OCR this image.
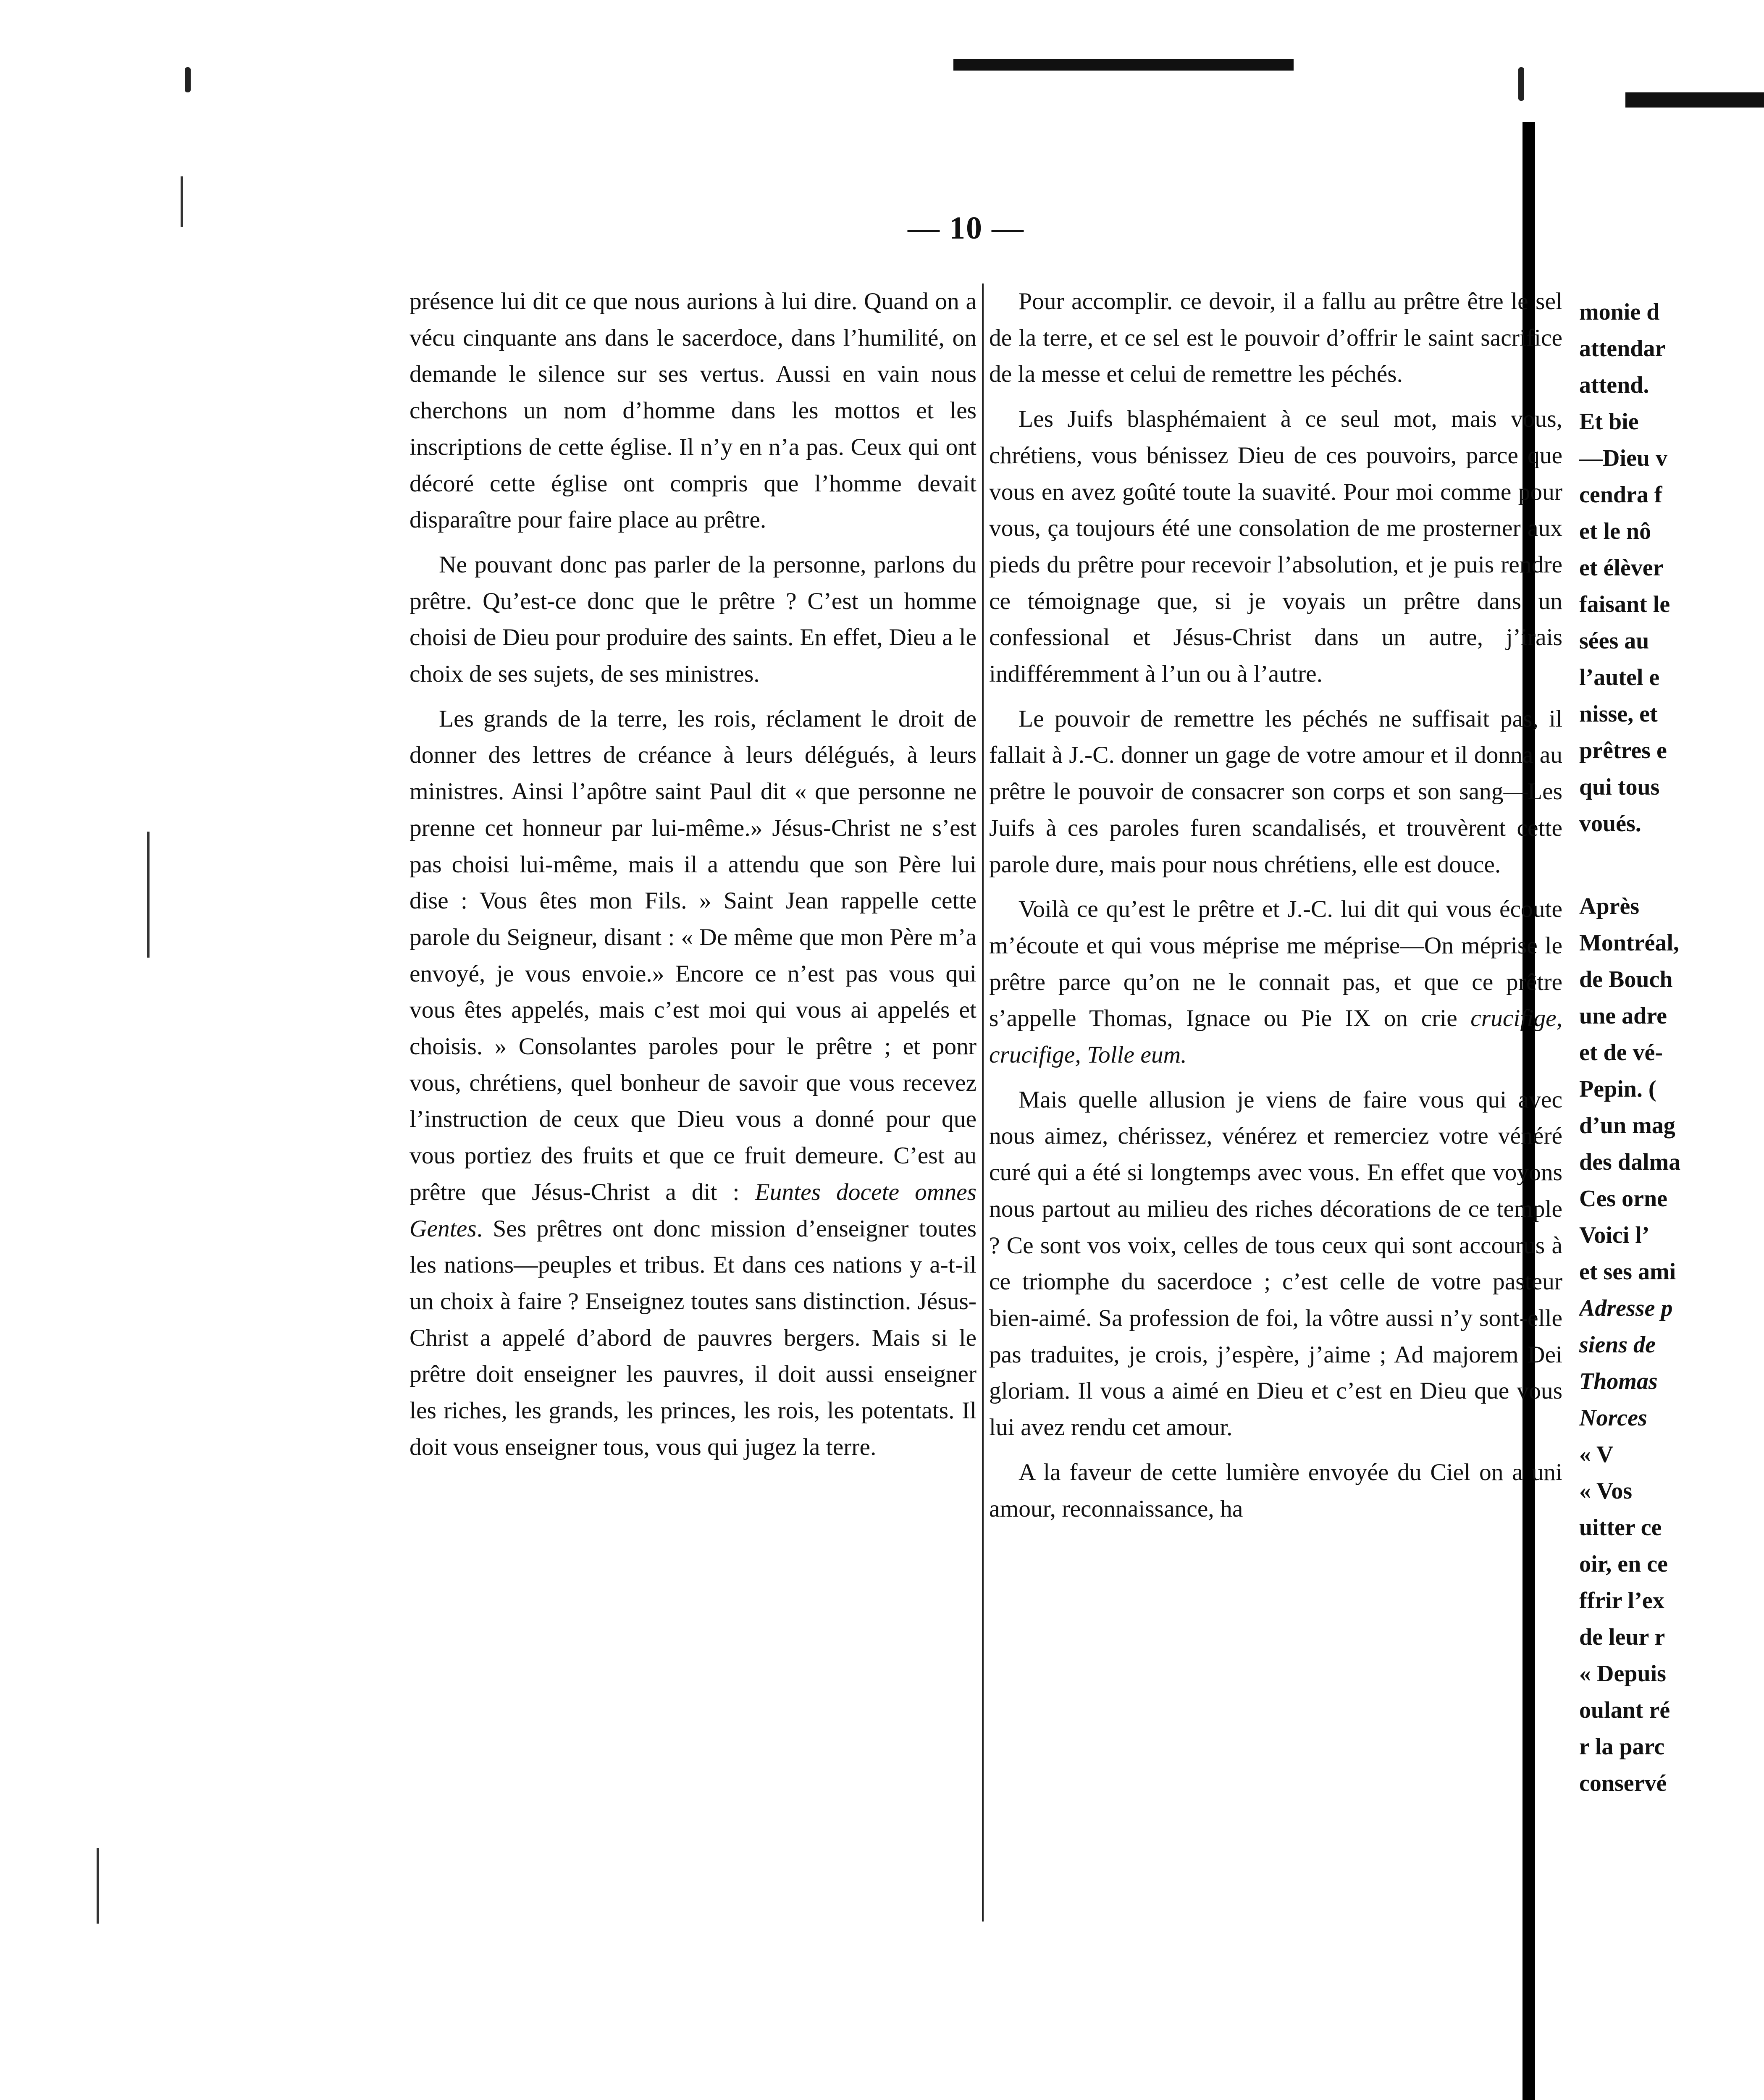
— 10 —

présence lui dit ce que nous aurions à lui dire. Quand on a vécu cinquante ans dans le sacerdoce, dans l’humilité, on demande le silence sur ses vertus. Aussi en vain nous cherchons un nom d’homme dans les mottos et les inscriptions de cette église. Il n’y en n’a pas. Ceux qui ont décoré cette église ont compris que l’homme devait disparaître pour faire place au prêtre.

Ne pouvant donc pas parler de la personne, parlons du prêtre. Qu’est-ce donc que le prêtre ? C’est un homme choisi de Dieu pour produire des saints. En effet, Dieu a le choix de ses sujets, de ses ministres.

Les grands de la terre, les rois, réclament le droit de donner des lettres de créance à leurs délégués, à leurs ministres. Ainsi l’apôtre saint Paul dit « que personne ne prenne cet honneur par lui-même.» Jésus-Christ ne s’est pas choisi lui-même, mais il a attendu que son Père lui dise : Vous êtes mon Fils. » Saint Jean rappelle cette parole du Seigneur, disant : « De même que mon Père m’a envoyé, je vous envoie.» Encore ce n’est pas vous qui vous êtes appelés, mais c’est moi qui vous ai appelés et choisis. » Consolantes paroles pour le prêtre ; et ponr vous, chrétiens, quel bonheur de savoir que vous recevez l’instruction de ceux que Dieu vous a donné pour que vous portiez des fruits et que ce fruit demeure. C’est au prêtre que Jésus-Christ a dit : Euntes docete omnes Gentes. Ses prêtres ont donc mission d’enseigner toutes les nations—peuples et tribus. Et dans ces nations y a-t-il un choix à faire ? Enseignez toutes sans distinction. Jésus-Christ a appelé d’abord de pauvres bergers. Mais si le prêtre doit enseigner les pauvres, il doit aussi enseigner les riches, les grands, les princes, les rois, les potentats. Il doit vous enseigner tous, vous qui jugez la terre.

Pour accomplir. ce devoir, il a fallu au prêtre être le sel de la terre, et ce sel est le pouvoir d’offrir le saint sacrifice de la messe et celui de remettre les péchés.

Les Juifs blasphémaient à ce seul mot, mais vous, chrétiens, vous bénissez Dieu de ces pouvoirs, parce que vous en avez goûté toute la suavité. Pour moi comme pour vous, ça toujours été une consolation de me prosterner aux pieds du prêtre pour recevoir l’absolution, et je puis rendre ce témoignage que, si je voyais un prêtre dans un confessional et Jésus-Christ dans un autre, j’irais indifféremment à l’un ou à l’autre.

Le pouvoir de remettre les péchés ne suffisait pas, il fallait à J.-C. donner un gage de votre amour et il donna au prêtre le pouvoir de consacrer son corps et son sang—Les Juifs à ces paroles furen scandalisés, et trouvèrent cette parole dure, mais pour nous chrétiens, elle est douce.

Voilà ce qu’est le prêtre et J.-C. lui dit qui vous écoute m’écoute et qui vous méprise me méprise—On méprise le prêtre parce qu’on ne le connait pas, et que ce prêtre s’appelle Thomas, Ignace ou Pie IX on crie crucifige, crucifige, Tolle eum.

Mais quelle allusion je viens de faire vous qui avec nous aimez, chérissez, vénérez et remerciez votre vénéré curé qui a été si longtemps avec vous. En effet que voyons nous partout au milieu des riches décorations de ce temple ? Ce sont vos voix, celles de tous ceux qui sont accourus à ce triomphe du sacerdoce ; c’est celle de votre pasteur bien-aimé. Sa profession de foi, la vôtre aussi n’y sont-elle pas traduites, je crois, j’espère, j’aime ; Ad majorem Dei gloriam. Il vous a aimé en Dieu et c’est en Dieu que vous lui avez rendu cet amour.

A la faveur de cette lumière envoyée du Ciel on a uni amour, reconnaissance, ha

monie d

attendar

attend.

Et bie

—Dieu v

cendra f

et le nô

et élèver

faisant le

sées au

l’autel e

nisse, et

prêtres e

qui tous

voués.

Après

Montréal,

de Bouch

une adre

et de vé-

Pepin. (

d’un mag

des dalma

Ces orne

Voici l’

et ses ami

Adresse p

siens de

Thomas

Norces

« V

« Vos

uitter ce

oir, en ce

ffrir l’ex

de leur r

« Depuis

oulant ré

r la parc

conservé
